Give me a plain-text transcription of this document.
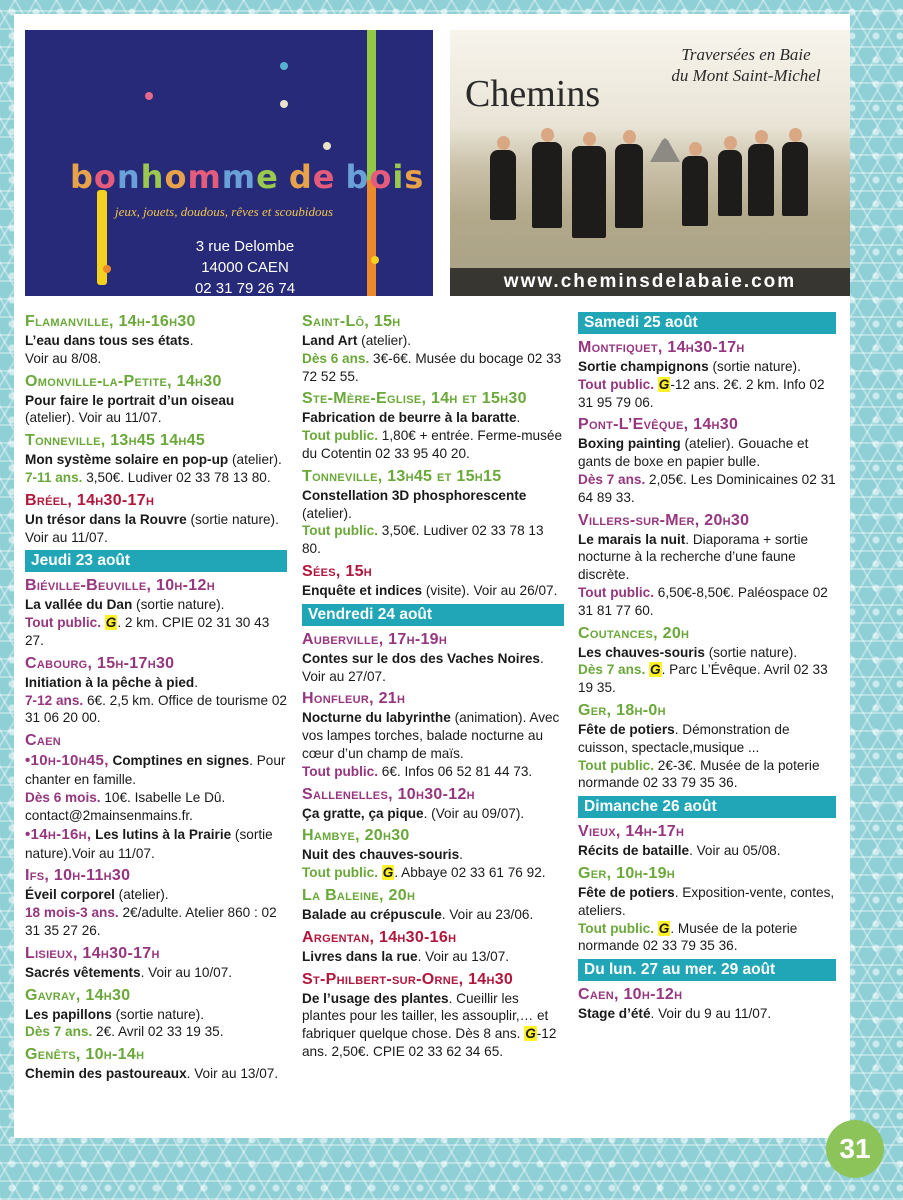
bonhomme de bois
jeux, jouets, doudous, rêves et scoubidous
3 rue Delombe
14000 CAEN
02 31 79 26 74
Chemins
Traversées en Baie
du Mont Saint-Michel
www.cheminsdelabaie.com
Flamanville, 14h-16h30
L’eau dans tous ses états.
Voir au 8/08.
Omonville-la-Petite, 14h30
Pour faire le portrait d’un oiseau (atelier). Voir au 11/07.
Tonneville, 13h45 14h45
Mon système solaire en pop-up (atelier).
7-11 ans. 3,50€. Ludiver 02 33 78 13 80.
Bréel, 14h30-17h
Un trésor dans la Rouvre (sortie nature). Voir au 11/07.
Jeudi 23 août
Biéville-Beuville, 10h-12h
La vallée du Dan (sortie nature).
Tout public. G. 2 km. CPIE 02 31 30 43 27.
Cabourg, 15h-17h30
Initiation à la pêche à pied.
7-12 ans. 6€. 2,5 km. Office de tourisme 02 31 06 20 00.
Caen
•10h-10h45, Comptines en signes. Pour chanter en famille.
Dès 6 mois. 10€. Isabelle Le Dû. contact@2mainsenmains.fr.
•14h-16h, Les lutins à la Prairie (sortie nature).Voir au 11/07.
Ifs, 10h-11h30
Éveil corporel (atelier).
18 mois-3 ans. 2€/adulte. Atelier 860 : 02 31 35 27 26.
Lisieux, 14h30-17h
Sacrés vêtements. Voir au 10/07.
Gavray, 14h30
Les papillons (sortie nature).
Dès 7 ans. 2€. Avril 02 33 19 35.
Genêts, 10h-14h
Chemin des pastoureaux. Voir au 13/07.
Saint-Lô, 15h
Land Art (atelier).
Dès 6 ans. 3€-6€. Musée du bocage 02 33 72 52 55.
Ste-Mère-Eglise, 14h et 15h30
Fabrication de beurre à la baratte.
Tout public. 1,80€ + entrée. Ferme-musée du Cotentin 02 33 95 40 20.
Tonneville, 13h45 et 15h15
Constellation 3D phosphorescente (atelier).
Tout public. 3,50€. Ludiver 02 33 78 13 80.
Sées, 15h
Enquête et indices (visite). Voir au 26/07.
Vendredi 24 août
Auberville, 17h-19h
Contes sur le dos des Vaches Noires. Voir au 27/07.
Honfleur, 21h
Nocturne du labyrinthe (animation). Avec vos lampes torches, balade nocturne au cœur d’un champ de maïs.
Tout public. 6€. Infos 06 52 81 44 73.
Sallenelles, 10h30-12h
Ça gratte, ça pique. (Voir au 09/07).
Hambye, 20h30
Nuit des chauves-souris.
Tout public. G. Abbaye 02 33 61 76 92.
La Baleine, 20h
Balade au crépuscule. Voir au 23/06.
Argentan, 14h30-16h
Livres dans la rue. Voir au 13/07.
St-Philbert-sur-Orne, 14h30
De l’usage des plantes. Cueillir les plantes pour les tailler, les assouplir,… et fabriquer quelque chose. Dès 8 ans. G-12 ans. 2,50€. CPIE 02 33 62 34 65.
Samedi 25 août
Montfiquet, 14h30-17h
Sortie champignons (sortie nature).
Tout public. G-12 ans. 2€. 2 km. Info 02 31 95 79 06.
Pont-L’Evêque, 14h30
Boxing painting (atelier). Gouache et gants de boxe en papier bulle.
Dès 7 ans. 2,05€. Les Dominicaines 02 31 64 89 33.
Villers-sur-Mer, 20h30
Le marais la nuit. Diaporama + sortie nocturne à la recherche d’une faune discrète.
Tout public. 6,50€-8,50€. Paléospace 02 31 81 77 60.
Coutances, 20h
Les chauves-souris (sortie nature).
Dès 7 ans. G. Parc L’Évêque. Avril 02 33 19 35.
Ger, 18h-0h
Fête de potiers. Démonstration de cuisson, spectacle,musique ...
Tout public. 2€-3€. Musée de la poterie normande 02 33 79 35 36.
Dimanche 26 août
Vieux, 14h-17h
Récits de bataille. Voir au 05/08.
Ger, 10h-19h
Fête de potiers. Exposition-vente, contes, ateliers.
Tout public. G. Musée de la poterie normande 02 33 79 35 36.
Du lun. 27 au mer. 29 août
Caen, 10h-12h
Stage d’été. Voir du 9 au 11/07.
31
